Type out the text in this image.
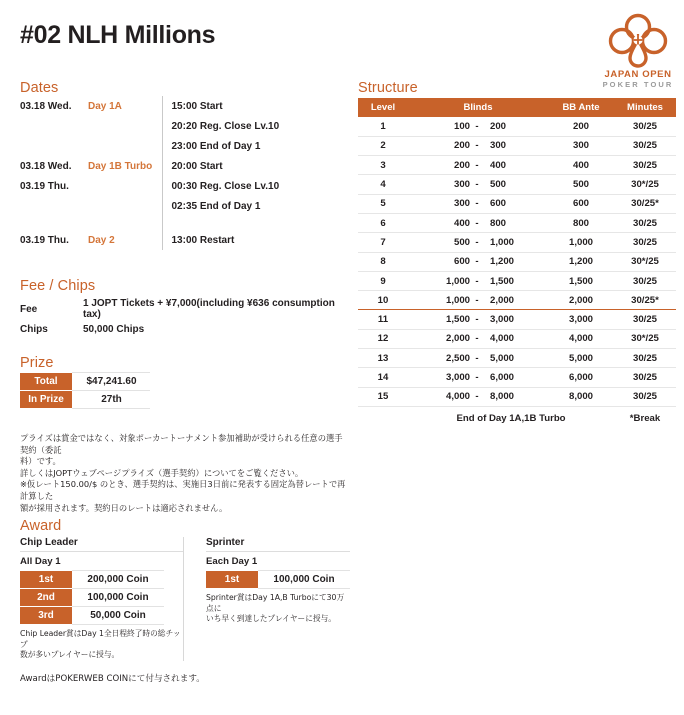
JAPAN OPEN
POKER TOUR
#02 NLH Millions
Dates
03.18 Wed.	Day 1A	15:00 Start
		20:20 Reg. Close Lv.10
		23:00 End of Day 1
03.18 Wed.	Day 1B Turbo	20:00 Start
03.19 Thu.		00:30 Reg. Close Lv.10
		02:35 End of Day 1

03.19 Thu.	Day 2	13:00 Restart
Fee / Chips
Fee	1 JOPT Tickets + ¥7,000(including ¥636 consumption tax)
Chips	50,000 Chips
Prize
Total	$47,241.60
In Prize	27th

プライズは賞金ではなく、対象ポーカートーナメント参加補助が受けられる任意の選手契約（委託

料）です。

詳しくはJOPTウェブページプライズ（選手契約）についてをご覧ください。

※仮レート150.00/$ のとき、選手契約は、実施日3日前に発表する固定為替レートで再計算した

額が採用されます。契約日のレートは適応されません。

Structure
Level	Blinds	BB Ante	Minutes
1	100 - 200	200	30/25
2	200 - 300	300	30/25
3	200 - 400	400	30/25
4	300 - 500	500	30*/25
5	300 - 600	600	30/25*
6	400 - 800	800	30/25
7	500 - 1,000	1,000	30/25
8	600 - 1,200	1,200	30*/25
9	1,000 - 1,500	1,500	30/25
10	1,000 - 2,000	2,000	30/25*
11	1,500 - 3,000	3,000	30/25
12	2,000 - 4,000	4,000	30*/25
13	2,500 - 5,000	5,000	30/25
14	3,000 - 6,000	6,000	30/25
15	4,000 - 8,000	8,000	30/25
	End of Day 1A,1B Turbo		*Break
Award
Chip Leader
All Day 1
1st	200,000 Coin
2nd	100,000 Coin
3rd	50,000 Coin

Chip Leader賞はDay 1全日程終了時の総チップ

数が多いプレイヤーに授与。

Sprinter
Each Day 1
1st	100,000 Coin

Sprinter賞はDay 1A,B Turboにて30万点に

いち早く到達したプレイヤーに授与。

AwardはPOKERWEB COINにて付与されます。
